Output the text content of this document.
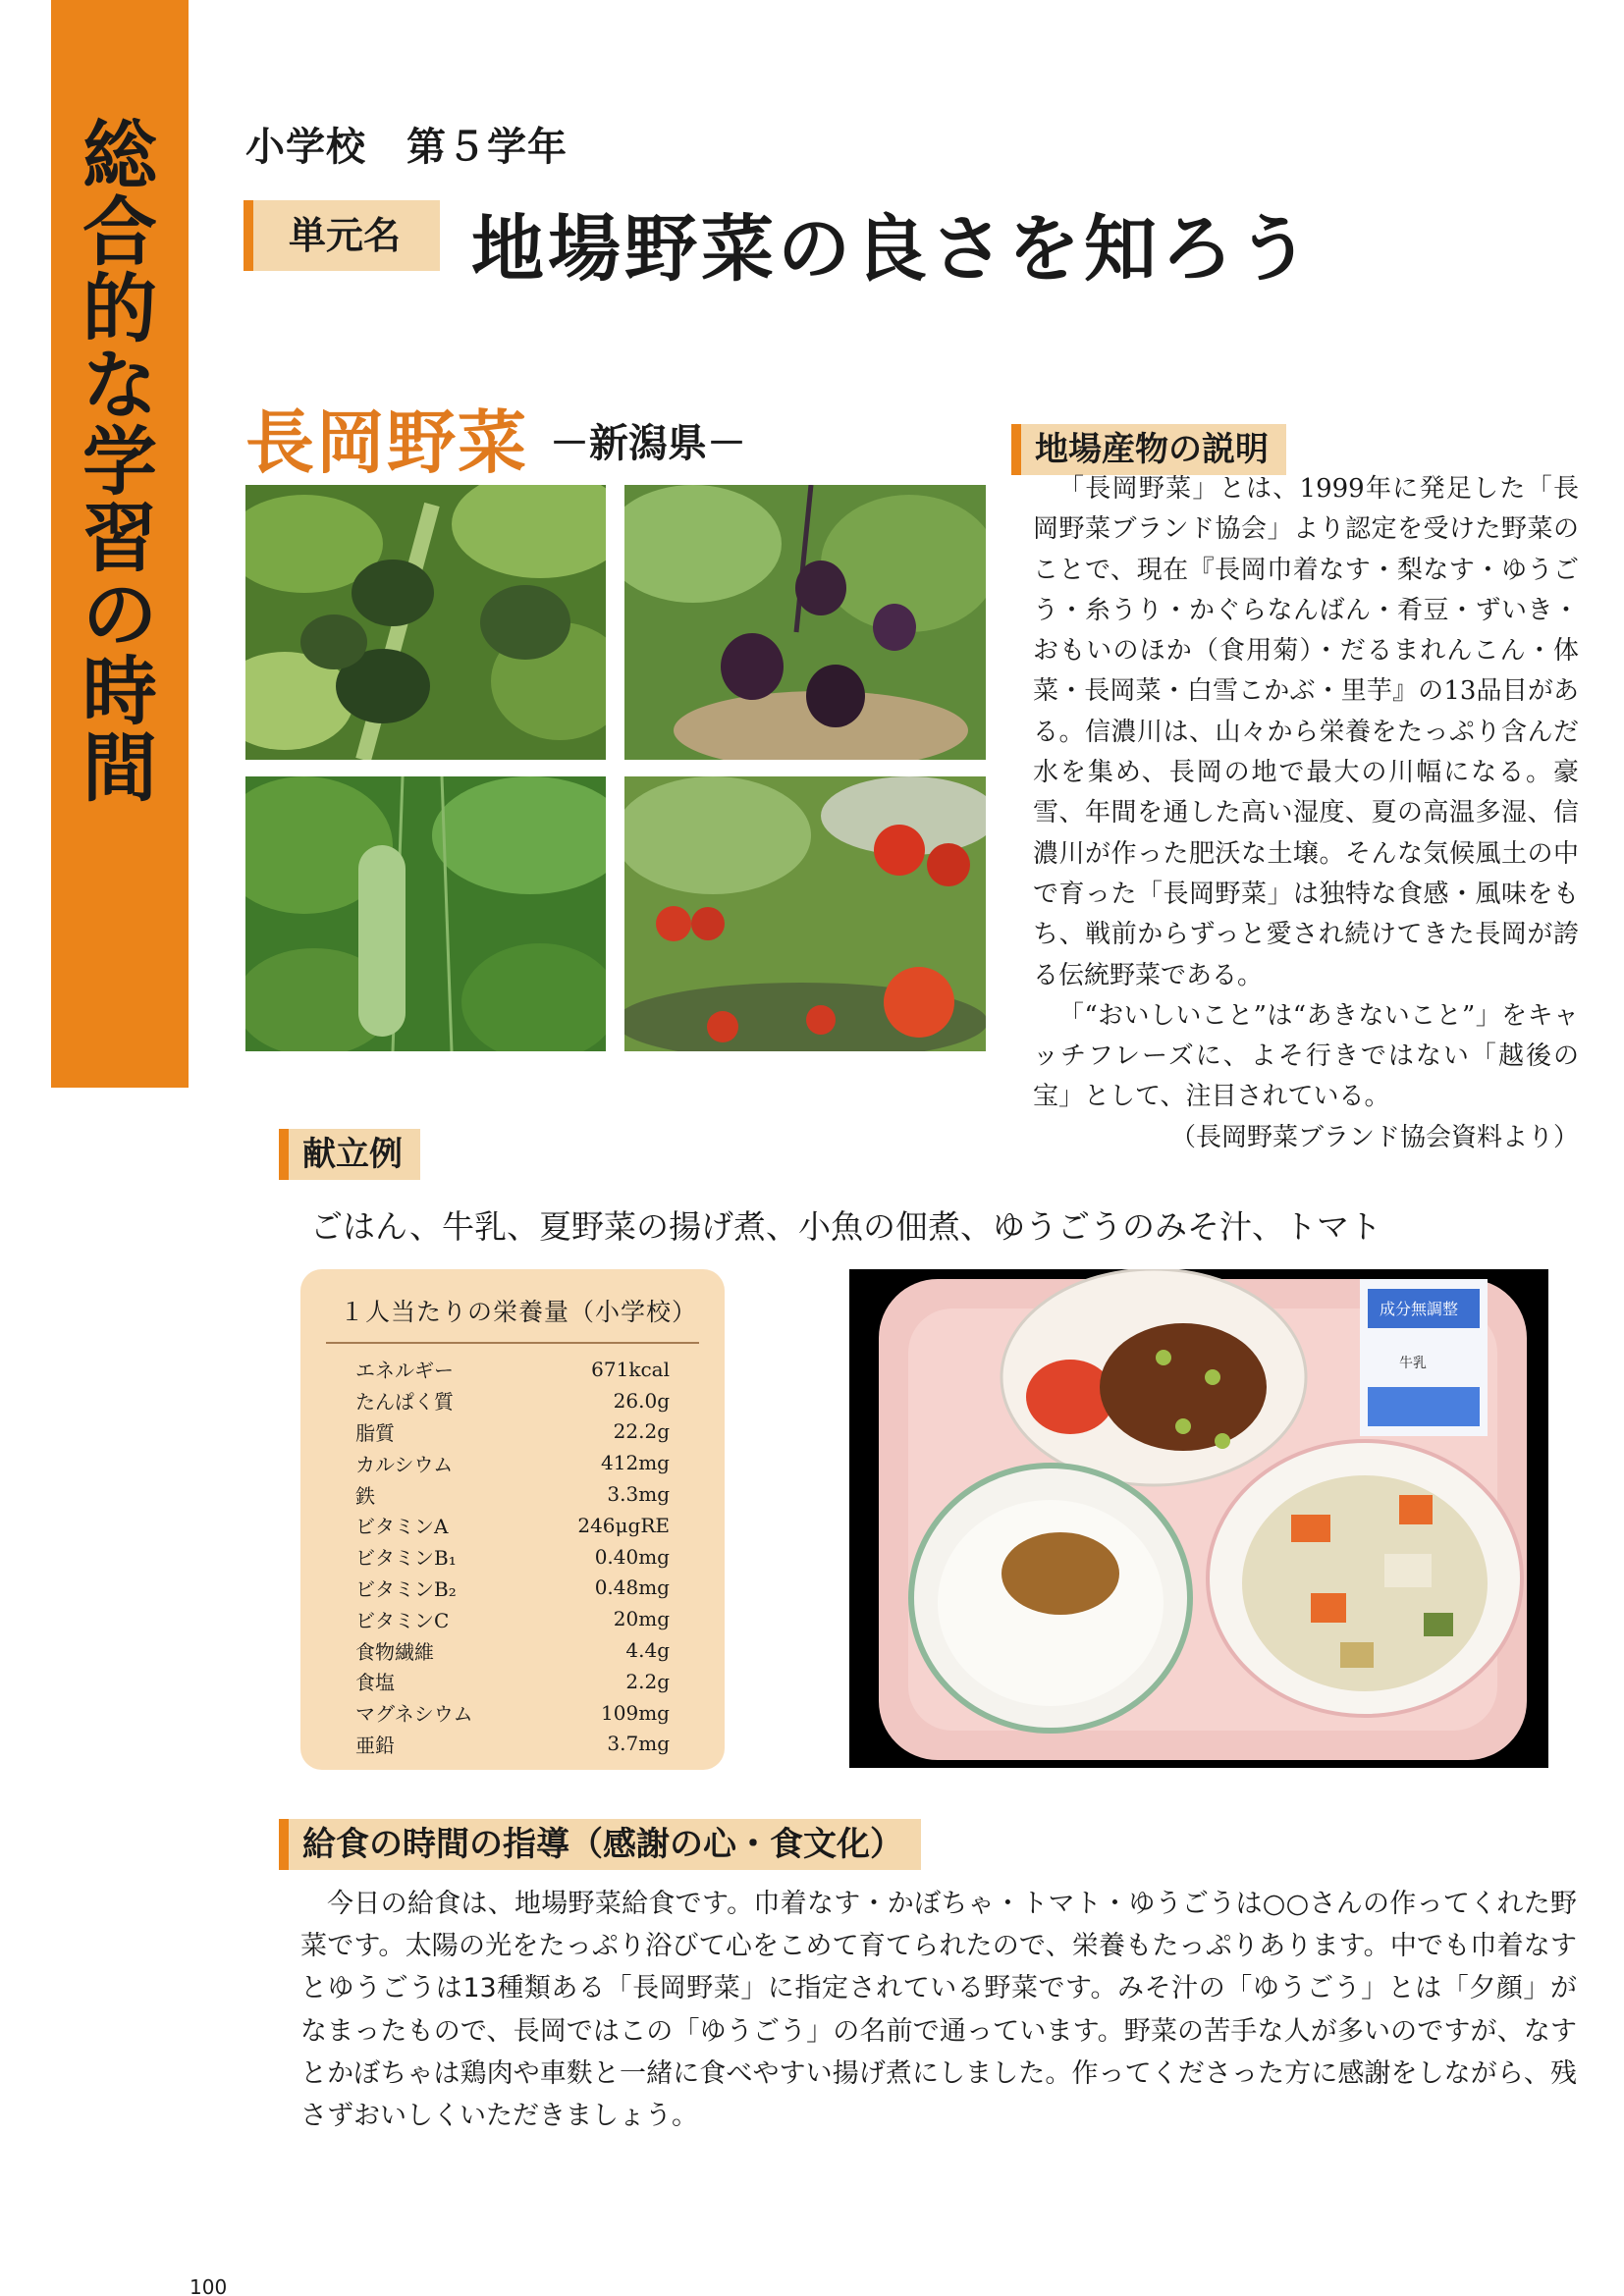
総
合
的
な
学
習
の
時
間
小学校　第５学年
単元名 地場野菜の良さを知ろう
長岡野菜 －新潟県－	地場産物の説明

「長岡野菜」とは、1999年に発足した「長岡野菜ブランド協会」より認定を受けた野菜のことで、現在『長岡巾着なす・梨なす・ゆうごう・糸うり・かぐらなんばん・肴豆・ずいき・おもいのほか（食用菊）・だるまれんこん・体菜・長岡菜・白雪こかぶ・里芋』の13品目がある。信濃川は、山々から栄養をたっぷり含んだ水を集め、長岡の地で最大の川幅になる。豪雪、年間を通した高い湿度、夏の高温多湿、信濃川が作った肥沃な土壌。そんな気候風土の中で育った「長岡野菜」は独特な食感・風味をもち、戦前からずっと愛され続けてきた長岡が誇る伝統野菜である。

「“おいしいこと”は“あきないこと”」をキャッチフレーズに、よそ行きではない「越後の宝」として、注目されている。

（長岡野菜ブランド協会資料より）

献立例
ごはん、牛乳、夏野菜の揚げ煮、小魚の佃煮、ゆうごうのみそ汁、トマト
１人当たりの栄養量（小学校）
エネルギー	671kcal
たんぱく質	26.0g
脂質	22.2g
カルシウム	412mg
鉄	3.3mg
ビタミンA	246μgRE
ビタミンB₁	0.40mg
ビタミンB₂	0.48mg
ビタミンC	20mg
食物繊維	4.4g
食塩	2.2g
マグネシウム	109mg
亜鉛	3.7mg
成分無調整
牛乳
給食の時間の指導（感謝の心・食文化）

今日の給食は、地場野菜給食です。巾着なす・かぼちゃ・トマト・ゆうごうは○○さんの作ってくれた野菜です。太陽の光をたっぷり浴びて心をこめて育てられたので、栄養もたっぷりあります。中でも巾着なすとゆうごうは13種類ある「長岡野菜」に指定されている野菜です。みそ汁の「ゆうごう」とは「夕顔」がなまったもので、長岡ではこの「ゆうごう」の名前で通っています。野菜の苦手な人が多いのですが、なすとかぼちゃは鶏肉や車麩と一緒に食べやすい揚げ煮にしました。作ってくださった方に感謝をしながら、残さずおいしくいただきましょう。

100
